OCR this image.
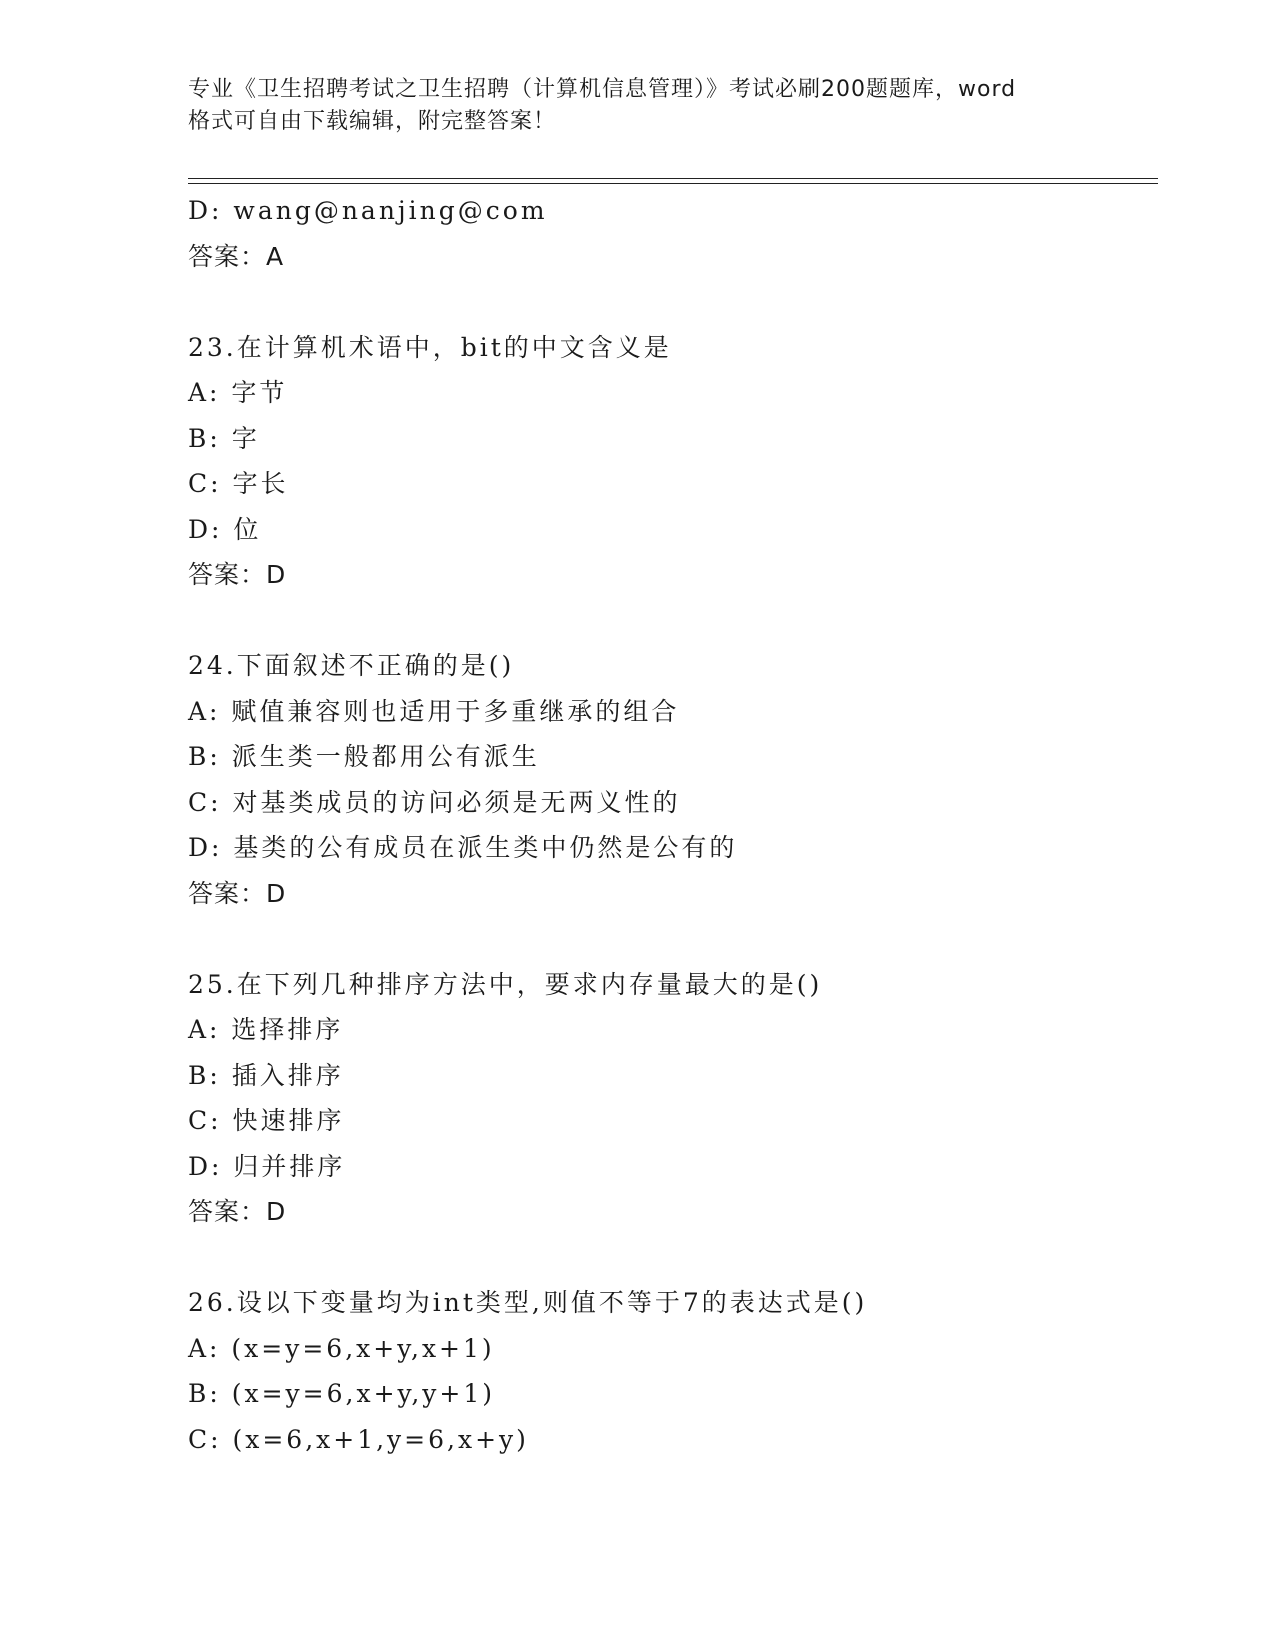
专业《卫生招聘考试之卫生招聘（计算机信息管理）》考试必刷200题题库，word
格式可自由下载编辑，附完整答案！
D: wang@nanjing@com
答案：A
23.在计算机术语中，bit的中文含义是
A: 字节
B: 字
C: 字长
D: 位
答案：D
24.下面叙述不正确的是()
A: 赋值兼容则也适用于多重继承的组合
B: 派生类一般都用公有派生
C: 对基类成员的访问必须是无两义性的
D: 基类的公有成员在派生类中仍然是公有的
答案：D
25.在下列几种排序方法中，要求内存量最大的是()
A: 选择排序
B: 插入排序
C: 快速排序
D: 归并排序
答案：D
26.设以下变量均为int类型,则值不等于7的表达式是()
A: (x=y=6,x+y,x+1)
B: (x=y=6,x+y,y+1)
C: (x=6,x+1,y=6,x+y)
